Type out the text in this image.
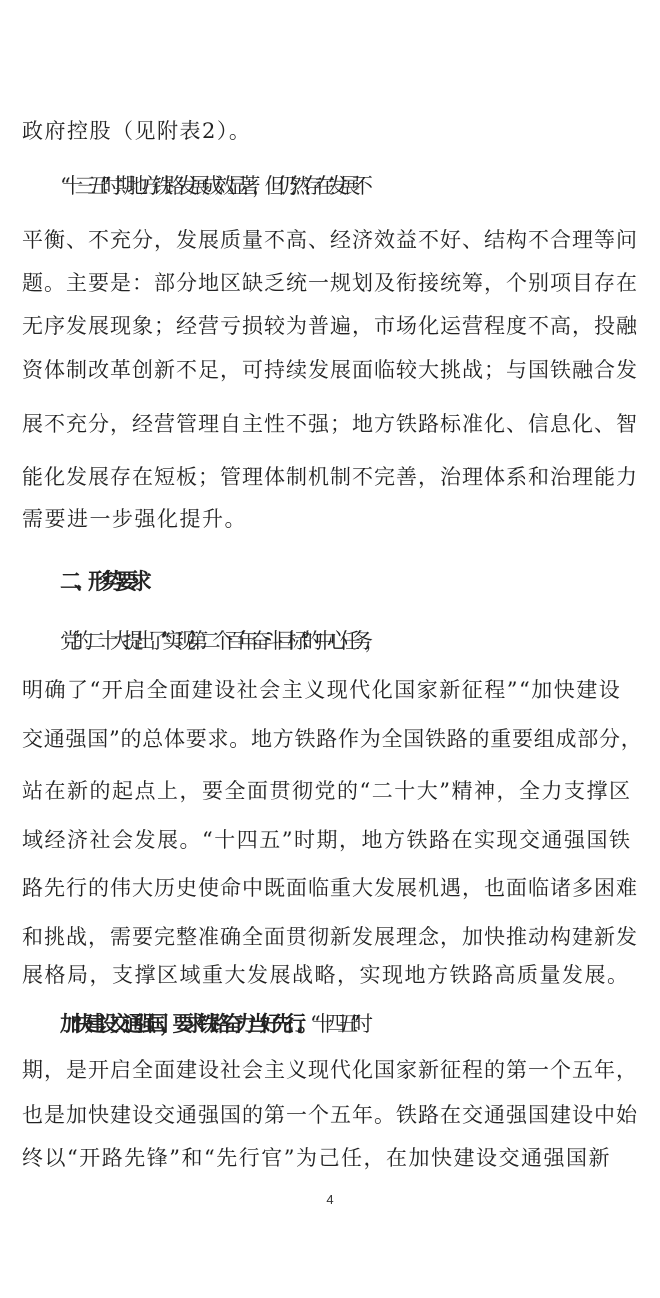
政府控股（见附表2）。
“十三五”时期地方铁路发展成效显著，但仍然存在发展不
平衡、不充分，发展质量不高、经济效益不好、结构不合理等问
题。主要是：部分地区缺乏统一规划及衔接统筹，个别项目存在
无序发展现象；经营亏损较为普遍，市场化运营程度不高，投融
资体制改革创新不足，可持续发展面临较大挑战；与国铁融合发
展不充分，经营管理自主性不强；地方铁路标准化、信息化、智
能化发展存在短板；管理体制机制不完善，治理体系和治理能力
需要进一步强化提升。
二、形势要求
党的二十大提出了“实现第二个百年奋斗目标”的中心任务，
明确了“开启全面建设社会主义现代化国家新征程”“加快建设
交通强国”的总体要求。地方铁路作为全国铁路的重要组成部分，
站在新的起点上，要全面贯彻党的“二十大”精神，全力支撑区
域经济社会发展。“十四五”时期，地方铁路在实现交通强国铁
路先行的伟大历史使命中既面临重大发展机遇，也面临诸多困难
和挑战，需要完整准确全面贯彻新发展理念，加快推动构建新发
展格局，支撑区域重大发展战略，实现地方铁路高质量发展。
加快建设交通强国，要求铁路奋力当好先行。“十四五”时
期，是开启全面建设社会主义现代化国家新征程的第一个五年，
也是加快建设交通强国的第一个五年。铁路在交通强国建设中始
终以“开路先锋”和“先行官”为己任，在加快建设交通强国新
4
